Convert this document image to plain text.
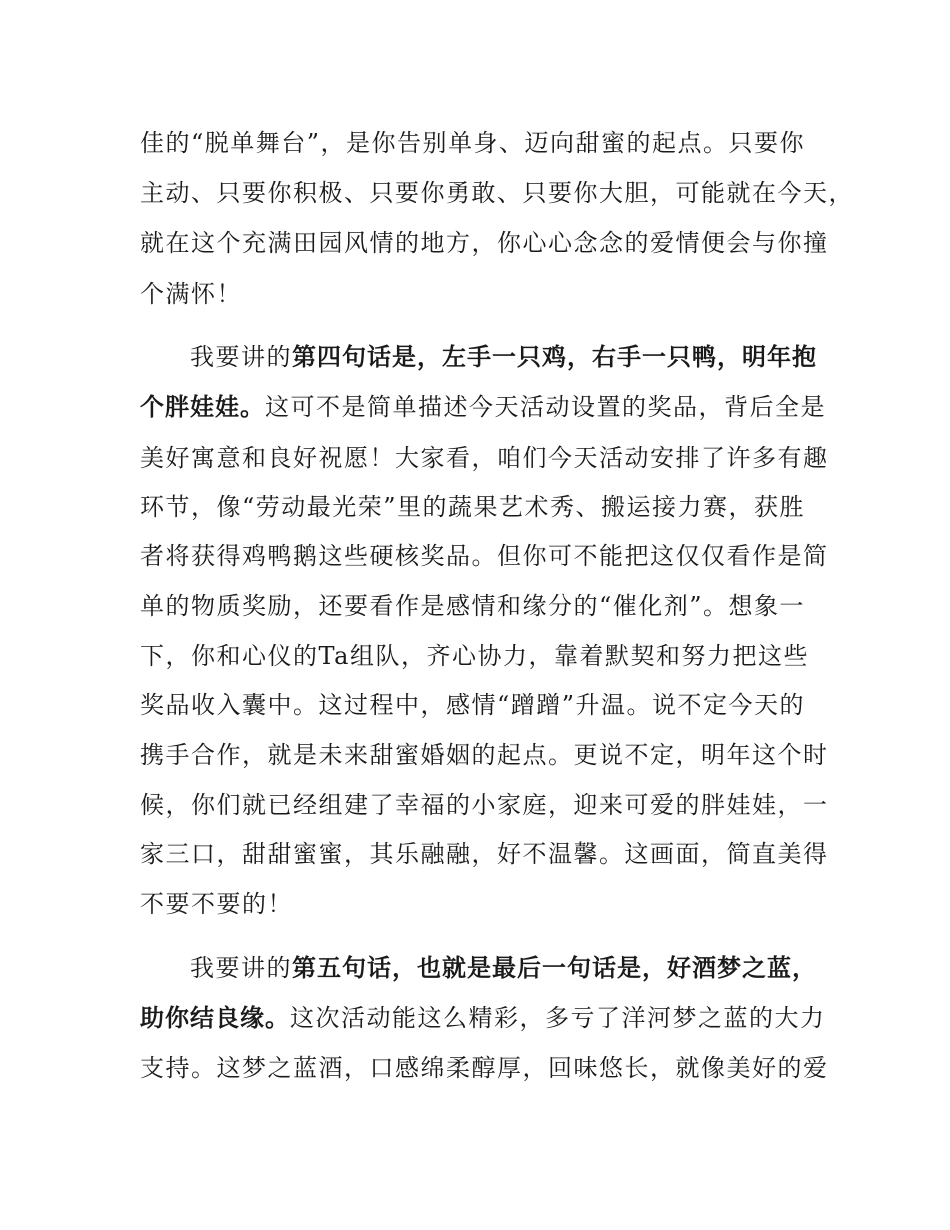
佳的“脱单舞台”，是你告别单身、迈向甜蜜的起点。只要你
主动、只要你积极、只要你勇敢、只要你大胆，可能就在今天，
就在这个充满田园风情的地方，你心心念念的爱情便会与你撞
个满怀！
我要讲的第四句话是，左手一只鸡，右手一只鸭，明年抱
个胖娃娃。这可不是简单描述今天活动设置的奖品，背后全是
美好寓意和良好祝愿！大家看，咱们今天活动安排了许多有趣
环节，像“劳动最光荣”里的蔬果艺术秀、搬运接力赛，获胜
者将获得鸡鸭鹅这些硬核奖品。但你可不能把这仅仅看作是简
单的物质奖励，还要看作是感情和缘分的“催化剂”。想象一
下，你和心仪的Ta组队，齐心协力，靠着默契和努力把这些
奖品收入囊中。这过程中，感情“蹭蹭”升温。说不定今天的
携手合作，就是未来甜蜜婚姻的起点。更说不定，明年这个时
候，你们就已经组建了幸福的小家庭，迎来可爱的胖娃娃，一
家三口，甜甜蜜蜜，其乐融融，好不温馨。这画面，简直美得
不要不要的！
我要讲的第五句话，也就是最后一句话是，好酒梦之蓝，
助你结良缘。这次活动能这么精彩，多亏了洋河梦之蓝的大力
支持。这梦之蓝酒，口感绵柔醇厚，回味悠长，就像美好的爱
